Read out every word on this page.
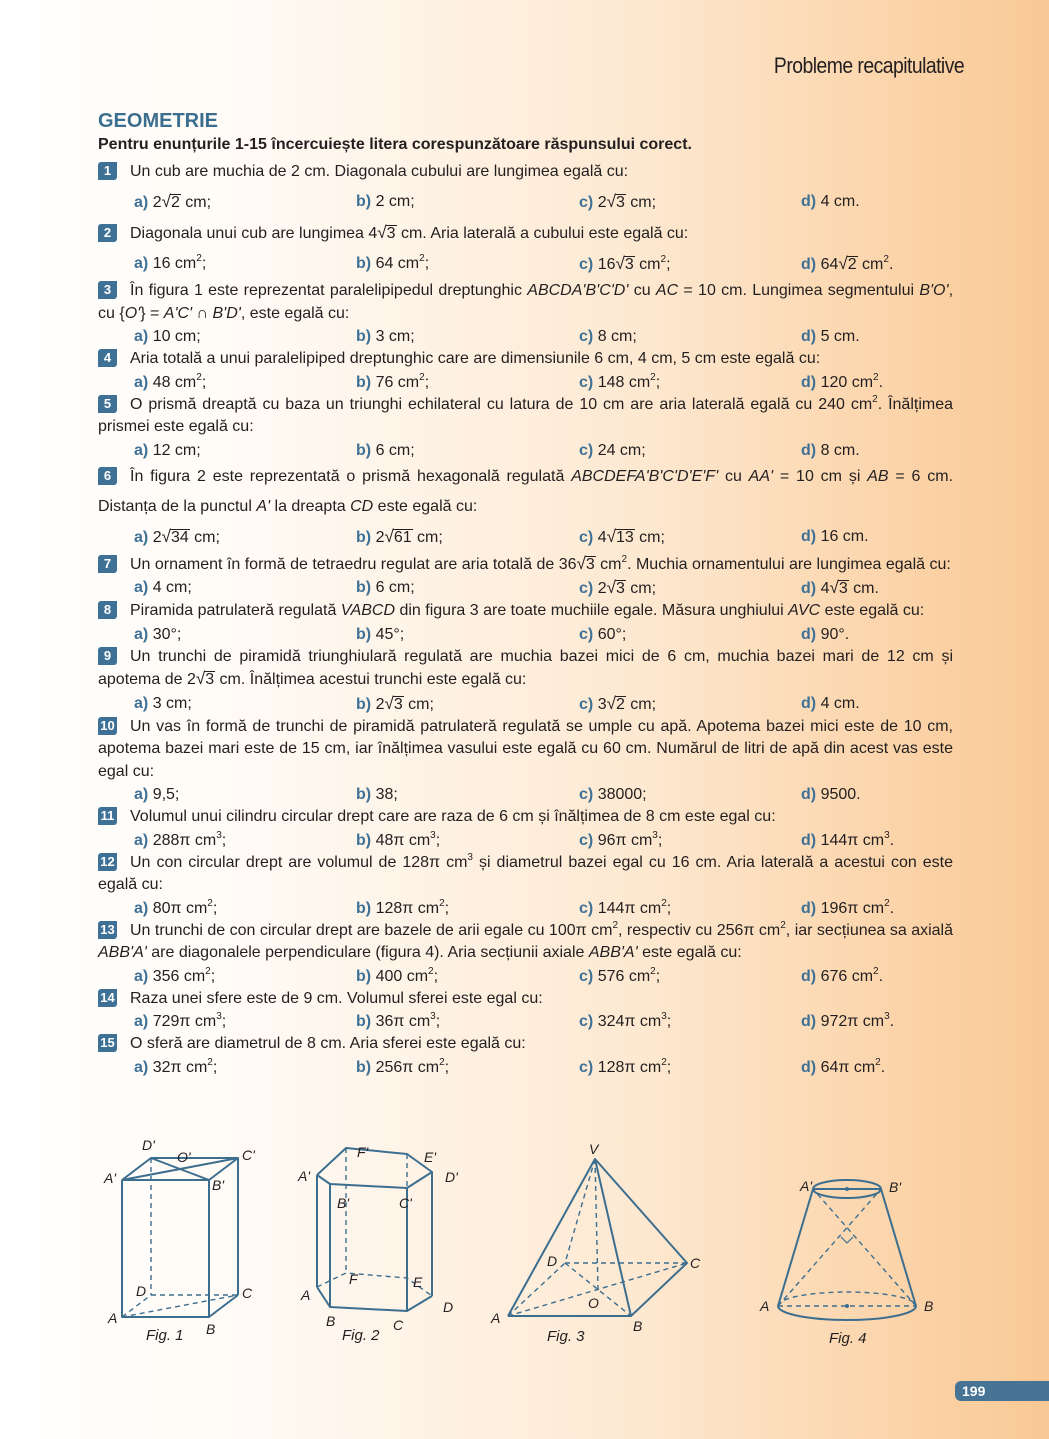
Probleme recapitulative
GEOMETRIE

Pentru enunțurile 1-15 încercuiește litera corespunzătoare răspunsului corect.

1 Un cub are muchia de 2 cm. Diagonala cubului are lungimea egală cu:

a) 2√2 cm;	b) 2 cm;	c) 2√3 cm;	d) 4 cm.

2 Diagonala unui cub are lungimea 4√3 cm. Aria laterală a cubului este egală cu:

a) 16 $cm^2$;	b) 64 $cm^2$;	c) 16√3 $cm^2$;	d) 64√2 $cm^2$.

3 În figura 1 este reprezentat paralelipipedul dreptunghic ABCDA'B'C'D' cu AC = 10 cm. Lungimea segmentului B'O', cu {O'} = A'C' ∩ B'D', este egală cu:

a) 10 cm;	b) 3 cm;	c) 8 cm;	d) 5 cm.

4 Aria totală a unui paralelipiped dreptunghic care are dimensiunile 6 cm, 4 cm, 5 cm este egală cu:

a) 48 $cm^2$;	b) 76 $cm^2$;	c) 148 $cm^2$;	d) 120 $cm^2$.

5 O prismă dreaptă cu baza un triunghi echilateral cu latura de 10 cm are aria laterală egală cu 240 $cm^2$. Înălțimea prismei este egală cu:

a) 12 cm;	b) 6 cm;	c) 24 cm;	d) 8 cm.

6 În figura 2 este reprezentată o prismă hexagonală regulată ABCDEFA'B'C'D'E'F' cu AA' = 10 cm și AB = 6 cm. Distanța de la punctul A' la dreapta CD este egală cu:

a) 2√34 cm;	b) 2√61 cm;	c) 4√13 cm;	d) 16 cm.

7 Un ornament în formă de tetraedru regulat are aria totală de 36√3 $cm^2$. Muchia ornamentului are lungimea egală cu:

a) 4 cm;	b) 6 cm;	c) 2√3 cm;	d) 4√3 cm.

8 Piramida patrulateră regulată VABCD din figura 3 are toate muchiile egale. Măsura unghiului AVC este egală cu:

a) 30°;	b) 45°;	c) 60°;	d) 90°.

9 Un trunchi de piramidă triunghiulară regulată are muchia bazei mici de 6 cm, muchia bazei mari de 12 cm și apotema de 2√3 cm. Înălțimea acestui trunchi este egală cu:

a) 3 cm;	b) 2√3 cm;	c) 3√2 cm;	d) 4 cm.

10 Un vas în formă de trunchi de piramidă patrulateră regulată se umple cu apă. Apotema bazei mici este de 10 cm, apotema bazei mari este de 15 cm, iar înălțimea vasului este egală cu 60 cm. Numărul de litri de apă din acest vas este egal cu:

a) 9,5;	b) 38;	c) 38000;	d) 9500.

11 Volumul unui cilindru circular drept care are raza de 6 cm și înălțimea de 8 cm este egal cu:

a) 288π $cm^3$;	b) 48π $cm^3$;	c) 96π $cm^3$;	d) 144π $cm^3$.

12 Un con circular drept are volumul de 128π $cm^3$ și diametrul bazei egal cu 16 cm. Aria laterală a acestui con este egală cu:

a) 80π $cm^2$;	b) 128π $cm^2$;	c) 144π $cm^2$;	d) 196π $cm^2$.

13 Un trunchi de con circular drept are bazele de arii egale cu 100π $cm^2$, respectiv cu 256π $cm^2$, iar secțiunea sa axială ABB'A' are diagonalele perpendiculare (figura 4). Aria secțiunii axiale ABB'A' este egală cu:

a) 356 $cm^2$;	b) 400 $cm^2$;	c) 576 $cm^2$;	d) 676 $cm^2$.

14 Raza unei sfere este de 9 cm. Volumul sferei este egal cu:

a) 729π $cm^3$;	b) 36π $cm^3$;	c) 324π $cm^3$;	d) 972π $cm^3$.

15 O sferă are diametrul de 8 cm. Aria sferei este egală cu:

a) 32π $cm^2$;	b) 256π $cm^2$;	c) 128π $cm^2$;	d) 64π $cm^2$.
D'
O'	C'
A'	B'
D	C
A
B
Fig. 1
F'	E'
A'	D'
B'	C'
F	E
A
D
B	C
Fig. 2
V
D	C
O
A	B
Fig. 3
A'	B'
A	B
Fig. 4
199
